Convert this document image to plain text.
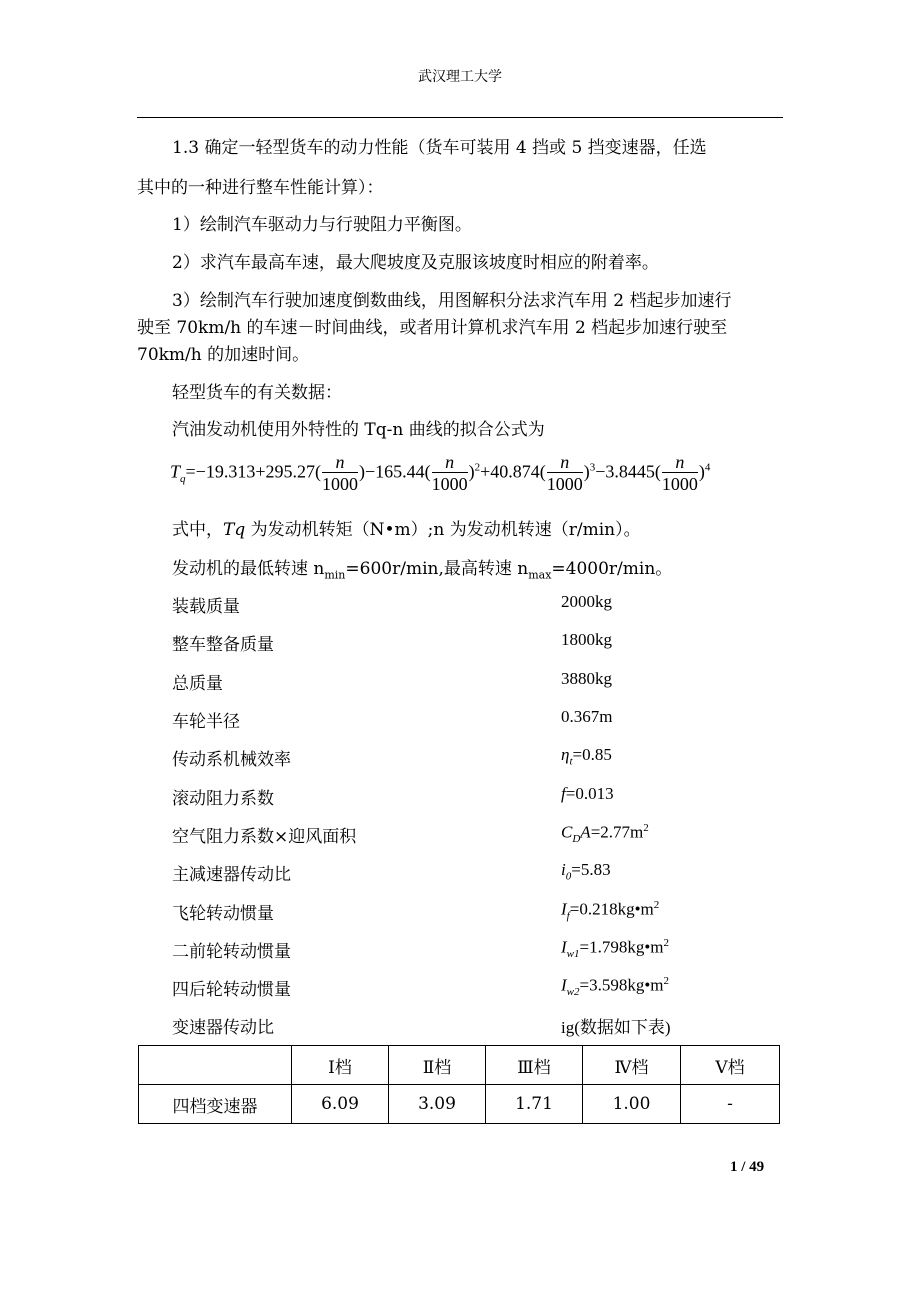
武汉理工大学
1.3 确定一轻型货车的动力性能（货车可装用 4 挡或 5 挡变速器，任选
其中的一种进行整车性能计算）：
1）绘制汽车驱动力与行驶阻力平衡图。
2）求汽车最高车速，最大爬坡度及克服该坡度时相应的附着率。
3）绘制汽车行驶加速度倒数曲线，用图解积分法求汽车用 2 档起步加速行
驶至 70km/h 的车速－时间曲线，或者用计算机求汽车用 2 档起步加速行驶至
70km/h 的加速时间。
轻型货车的有关数据：
汽油发动机使用外特性的 Tq-n 曲线的拟合公式为
$T_q=-19.313+295.27( \frac{n}{1000} )-165.44( \frac{n}{1000} )^2+40.874( \frac{n}{1000} )^3-3.8445( \frac{n}{1000} )^4$
式中，Tq 为发动机转矩（N•m）;n 为发动机转速（r/min）。
发动机的最低转速 $n_{min}=600r/\min$,最高转速 $n_{max}=4000r/\min$。
装载质量	2000kg
整车整备质量	1800kg
总质量	3880kg
车轮半径	0.367m
传动系机械效率	$\eta_t=0.85$
滚动阻力系数	f=0.013
空气阻力系数×迎风面积	$C_DA=2.77m^2$
主减速器传动比	$i_0=5.83$
飞轮转动惯量	$I_f=0.218kg•m^2$
二前轮转动惯量	$I_{w1}=1.798kg•m^2$
四后轮转动惯量	$I_{w2}=3.598kg•m^2$
变速器传动比	ig(数据如下表)
	Ⅰ档	Ⅱ档	Ⅲ档	Ⅳ档	Ⅴ档
四档变速器	6.09	3.09	1.71	1.00	-
1 / 49
